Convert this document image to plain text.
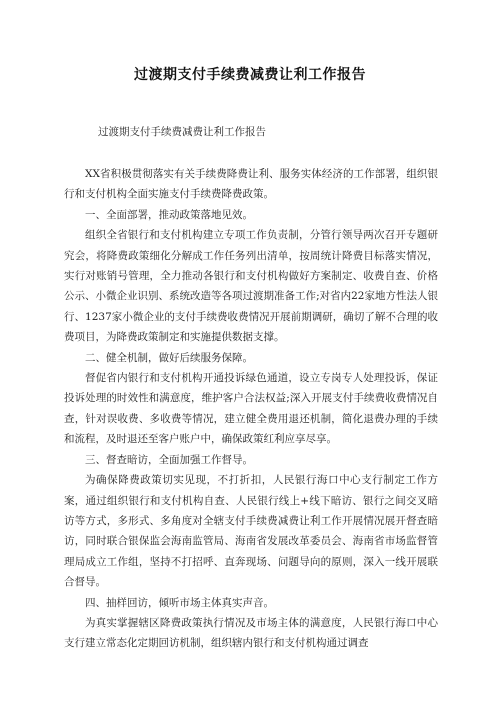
过渡期支付手续费减费让利工作报告
过渡期支付手续费减费让利工作报告

XX省积极贯彻落实有关手续费降费让利、服务实体经济的工作部署，组织银行和支付机构全面实施支付手续费降费政策。

一、全面部署，推动政策落地见效。

组织全省银行和支付机构建立专项工作负责制，分管行领导两次召开专题研究会，将降费政策细化分解成工作任务列出清单，按周统计降费目标落实情况，实行对账销号管理，全力推动各银行和支付机构做好方案制定、收费自查、价格公示、小微企业识别、系统改造等各项过渡期准备工作;对省内22家地方性法人银行、1237家小微企业的支付手续费收费情况开展前期调研，确切了解不合理的收费项目，为降费政策制定和实施提供数据支撑。

二、健全机制，做好后续服务保障。

督促省内银行和支付机构开通投诉绿色通道，设立专岗专人处理投诉，保证投诉处理的时效性和满意度，维护客户合法权益;深入开展支付手续费收费情况自查，针对误收费、多收费等情况，建立健全费用退还机制，简化退费办理的手续和流程，及时退还至客户账户中，确保政策红利应享尽享。

三、督查暗访，全面加强工作督导。

为确保降费政策切实见现，不打折扣，人民银行海口中心支行制定工作方案，通过组织银行和支付机构自查、人民银行线上+线下暗访、银行之间交叉暗访等方式，多形式、多角度对全辖支付手续费减费让利工作开展情况展开督查暗访，同时联合银保监会海南监管局、海南省发展改革委员会、海南省市场监督管理局成立工作组，坚持不打招呼、直奔现场、问题导向的原则，深入一线开展联合督导。

四、抽样回访，倾听市场主体真实声音。

为真实掌握辖区降费政策执行情况及市场主体的满意度，人民银行海口中心支行建立常态化定期回访机制，组织辖内银行和支付机构通过调查
